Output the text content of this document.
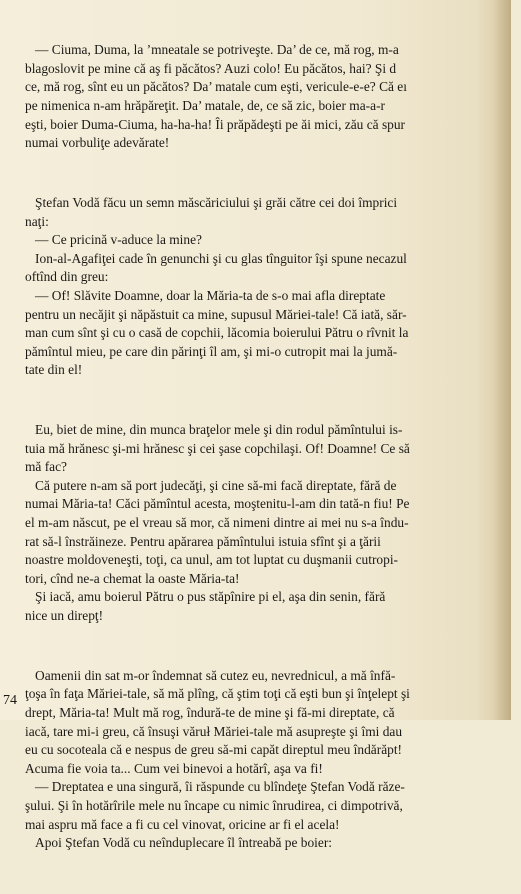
— Ciuma, Duma, la ’mneatale se potriveşte. Da’ de ce, mă rog, m-a
blagoslovit pe mine că aş fi păcătos? Auzi colo! Eu păcătos, hai? Şi d
ce, mă rog, sînt eu un păcătos? Da’ matale cum eşti, vericule-e-e? Că eı
pe nimenica n-am hrăpăreţit. Da’ matale, de, ce să zic, boier ma-a-r
eşti, boier Duma-Ciuma, ha-ha-ha! Îi prăpădeşti pe ăi mici, zău că spur
numai vorbuliţe adevărate!

Ştefan Vodă făcu un semn măscăriciului şi grăi către cei doi împrici
naţi:
— Ce pricină v-aduce la mine?
Ion-al-Agafiţei cade în genunchi şi cu glas tînguitor îşi spune necazul
oftînd din greu:
— Of! Slăvite Doamne, doar la Măria-ta de s-o mai afla direptate
pentru un necăjit şi năpăstuit ca mine, supusul Măriei-tale! Că iată, săr-
man cum sînt şi cu o casă de copchii, lăcomia boierului Pătru o rîvnit la
pămîntul mieu, pe care din părinţi îl am, şi mi-o cutropit mai la jumă-
tate din el!

Eu, biet de mine, din munca braţelor mele şi din rodul pămîntului is-
tuia mă hrănesc şi-mi hrănesc şi cei şase copchilaşi. Of! Doamne! Ce să
mă fac?
Că putere n-am să port judecăţi, şi cine să-mi facă direptate, fără de
numai Măria-ta! Căci pămîntul acesta, moştenitu-l-am din tată-n fiu! Pe
el m-am născut, pe el vreau să mor, că nimeni dintre ai mei nu s-a îndu-
rat să-l înstrăineze. Pentru apărarea pămîntului istuia sfînt şi a ţării
noastre moldoveneşti, toţi, ca unul, am tot luptat cu duşmanii cutropi-
tori, cînd ne-a chemat la oaste Măria-ta!
Şi iacă, amu boierul Pătru o pus stăpînire pi el, aşa din senin, fără
nice un direpţ!

Oamenii din sat m-or îndemnat să cutez eu, nevrednicul, a mă înfă-
ţoşa în faţa Măriei-tale, să mă plîng, că ştim toţi că eşti bun şi înţelept şi
drept, Măria-ta! Mult mă rog, îndură-te de mine şi fă-mi direptate, că
iacă, tare mi-i greu, că însuşi văruł Măriei-tale mă asupreşte şi îmi dau
eu cu socoteala că e nespus de greu să-mi capăt direptul meu îndărăpt!
Acuma fie voia ta... Cum vei binevoi a hotărî, aşa va fi!
— Dreptatea e una singură, îi răspunde cu blîndeţe Ştefan Vodă răze-
şului. Şi în hotărîrile mele nu încape cu nimic înrudirea, ci dimpotrivă,
mai aspru mă face a fi cu cel vinovat, oricine ar fi el acela!
Apoi Ştefan Vodă cu neînduplecare îl întreabă pe boier:

74
